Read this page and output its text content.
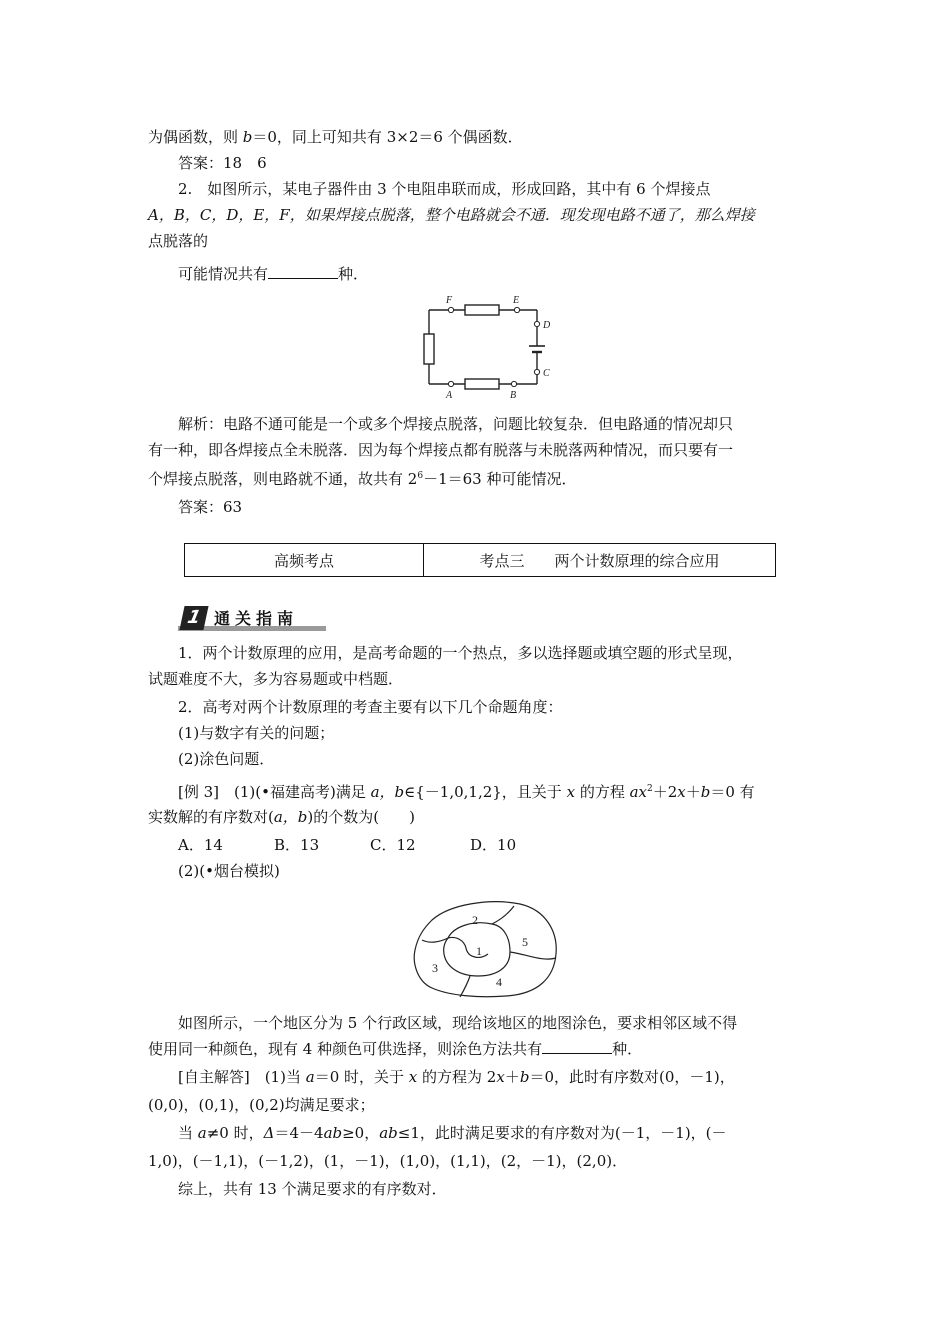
为偶函数，则 b＝0，同上可知共有 3×2＝6 个偶函数．
答案：18　6
2.　如图所示，某电子器件由 3 个电阻串联而成，形成回路，其中有 6 个焊接点
A，B，C，D，E，F，如果焊接点脱落，整个电路就会不通．现发现电路不通了，那么焊接
点脱落的
可能情况共有	种．
F	E
D
C
A	B
解析：电路不通可能是一个或多个焊接点脱落，问题比较复杂．但电路通的情况却只
有一种，即各焊接点全未脱落．因为每个焊接点都有脱落与未脱落两种情况，而只要有一
个焊接点脱落，则电路就不通，故共有 $2^6-1=63$ 种可能情况．
答案：63
高频考点	考点三   两个计数原理的综合应用
1 通关指南
1．两个计数原理的应用，是高考命题的一个热点，多以选择题或填空题的形式呈现，
试题难度不大，多为容易题或中档题．
2．高考对两个计数原理的考查主要有以下几个命题角度：
(1)与数字有关的问题；
(2)涂色问题．
[例 3]　(1)(•福建高考)满足 a，b∈{－1,0,1,2}，且关于 x 的方程 $ax^2+2x+b=0$ 有
实数解的有序数对(a，b)的个数为(　　)
A．14	B．13	C．12	D．10
(2)(•烟台模拟)
1
2
3
4
5
如图所示，一个地区分为 5 个行政区域，现给该地区的地图涂色，要求相邻区域不得
使用同一种颜色，现有 4 种颜色可供选择，则涂色方法共有	种．
[自主解答]　(1)当 a＝0 时，关于 x 的方程为 2x＋b＝0，此时有序数对(0，－1)，
(0,0)，(0,1)，(0,2)均满足要求；
当 a≠0 时，Δ＝4－4ab≥0，ab≤1，此时满足要求的有序数对为(－1，－1)，(－
1,0)，(－1,1)，(－1,2)，(1，－1)，(1,0)，(1,1)，(2，－1)，(2,0)．
综上，共有 13 个满足要求的有序数对．
